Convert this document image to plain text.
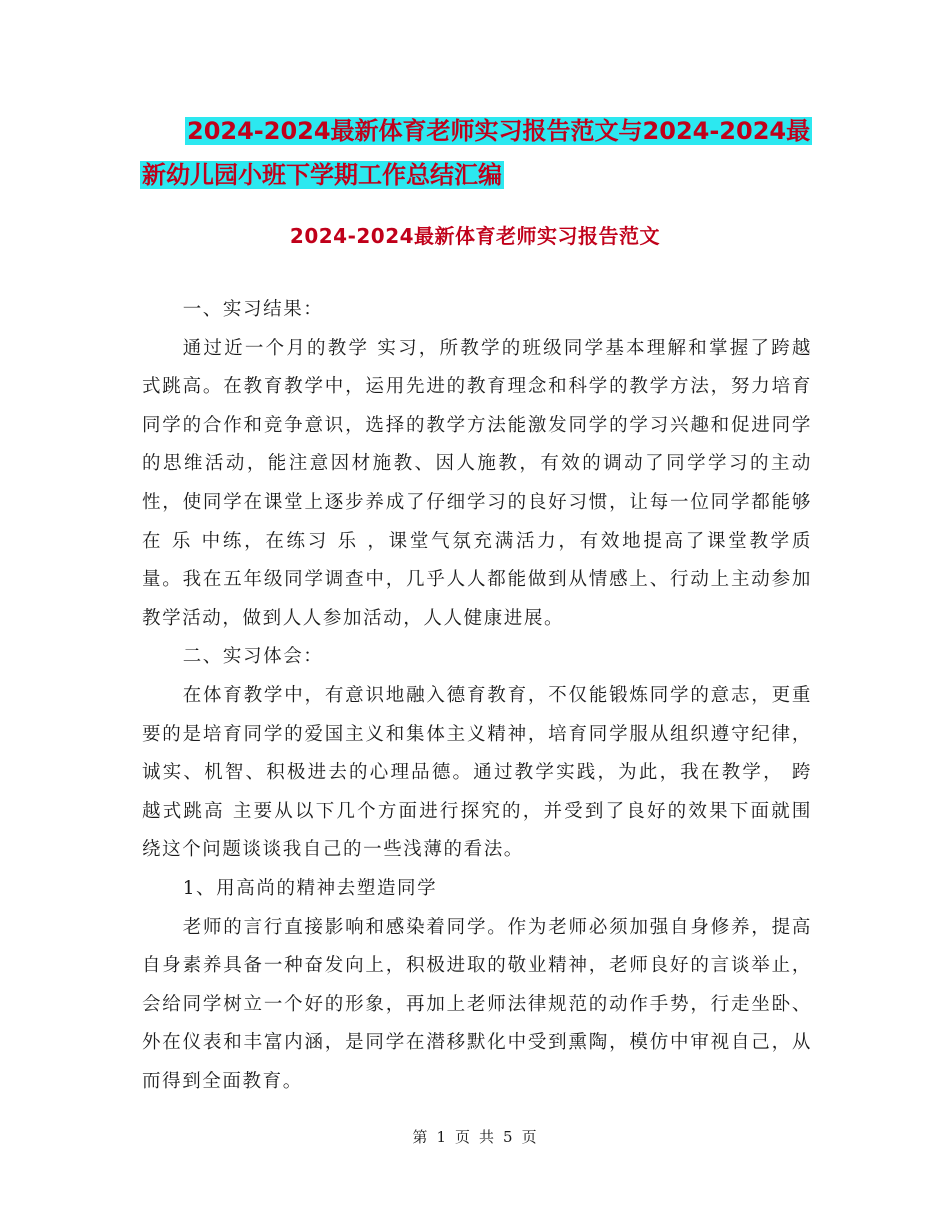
2024-2024最新体育老师实习报告范文与2024-2024最
新幼儿园小班下学期工作总结汇编
2024-2024最新体育老师实习报告范文

一、实习结果：

通过近一个月的教学 实习，所教学的班级同学基本理解和掌握了跨越式跳高。在教育教学中，运用先进的教育理念和科学的教学方法，努力培育同学的合作和竞争意识，选择的教学方法能激发同学的学习兴趣和促进同学的思维活动，能注意因材施教、因人施教，有效的调动了同学学习的主动性，使同学在课堂上逐步养成了仔细学习的良好习惯，让每一位同学都能够在 乐 中练，在练习 乐 ，课堂气氛充满活力，有效地提高了课堂教学质量。我在五年级同学调查中，几乎人人都能做到从情感上、行动上主动参加教学活动，做到人人参加活动，人人健康进展。

二、实习体会：

在体育教学中，有意识地融入德育教育，不仅能锻炼同学的意志，更重要的是培育同学的爱国主义和集体主义精神，培育同学服从组织遵守纪律，诚实、机智、积极进去的心理品德。通过教学实践，为此，我在教学， 跨越式跳高 主要从以下几个方面进行探究的，并受到了良好的效果下面就围绕这个问题谈谈我自己的一些浅薄的看法。

1、用高尚的精神去塑造同学

老师的言行直接影响和感染着同学。作为老师必须加强自身修养，提高自身素养具备一种奋发向上，积极进取的敬业精神，老师良好的言谈举止，会给同学树立一个好的形象，再加上老师法律规范的动作手势，行走坐卧、外在仪表和丰富内涵，是同学在潜移默化中受到熏陶，模仿中审视自己，从而得到全面教育。

第 1 页 共 5 页
